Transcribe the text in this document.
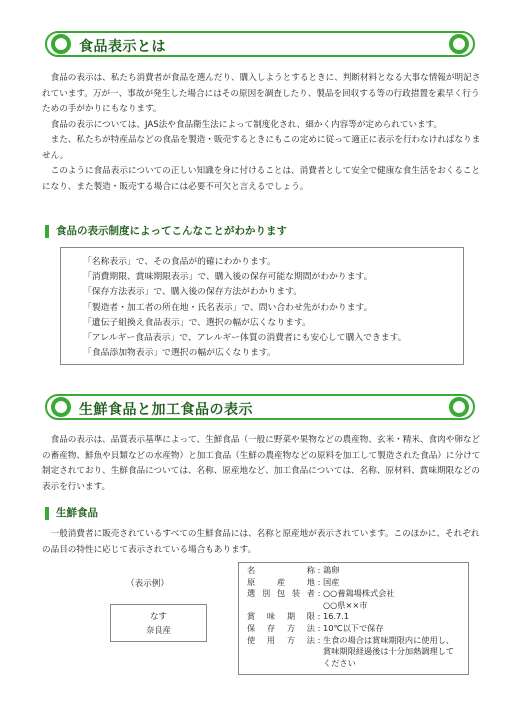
食品表示とは

食品の表示は、私たち消費者が食品を選んだり、購入しようとするときに、判断材料となる大事な情報が明記されています。万が一、事故が発生した場合にはその原因を調査したり、製品を回収する等の行政措置を素早く行うための手がかりにもなります。

食品の表示については、JAS法や食品衛生法によって制度化され、細かく内容等が定められています。

また、私たちが特産品などの食品を製造・販売するときにもこの定めに従って適正に表示を行わなければなりません。

このように食品表示についての正しい知識を身に付けることは、消費者として安全で健康な食生活をおくることになり、また製造・販売する場合には必要不可欠と言えるでしょう。

食品の表示制度によってこんなことがわかります
「名称表示」で、その食品が的確にわかります。
「消費期限、賞味期限表示」で、購入後の保存可能な期間がわかります。
「保存方法表示」で、購入後の保存方法がわかります。
「製造者・加工者の所在地・氏名表示」で、問い合わせ先がわかります。
「遺伝子組換え食品表示」で、選択の幅が広くなります。
「アレルギー食品表示」で、アレルギー体質の消費者にも安心して購入できます。
「食品添加物表示」で選択の幅が広くなります。
生鮮食品と加工食品の表示

食品の表示は、品質表示基準によって、生鮮食品（一般に野菜や果物などの農産物、玄米・精米、食肉や卵などの畜産物、鮮魚や貝類などの水産物）と加工食品（生鮮の農産物などの原料を加工して製造された食品）に分けて制定されており、生鮮食品については、名称、原産地など、加工食品については、名称、原材料、賞味期限などの表示を行います。

生鮮食品

一般消費者に販売されているすべての生鮮食品には、名称と原産地が表示されています。このほかに、それぞれの品目の特性に応じて表示されている場合もあります。

（表示例）
なす
奈良産
名	称 : 鶏卵
原	産	地 : 国産
選 別 包 装 者 : ○○養鶏場株式会社
○○県××市
賞 味 期 限 : 16.7.1
保 存 方 法 : 10℃以下で保存
使 用 方 法 : 生食の場合は賞味期限内に使用し、
賞味期限経過後は十分加熱調理して
ください
